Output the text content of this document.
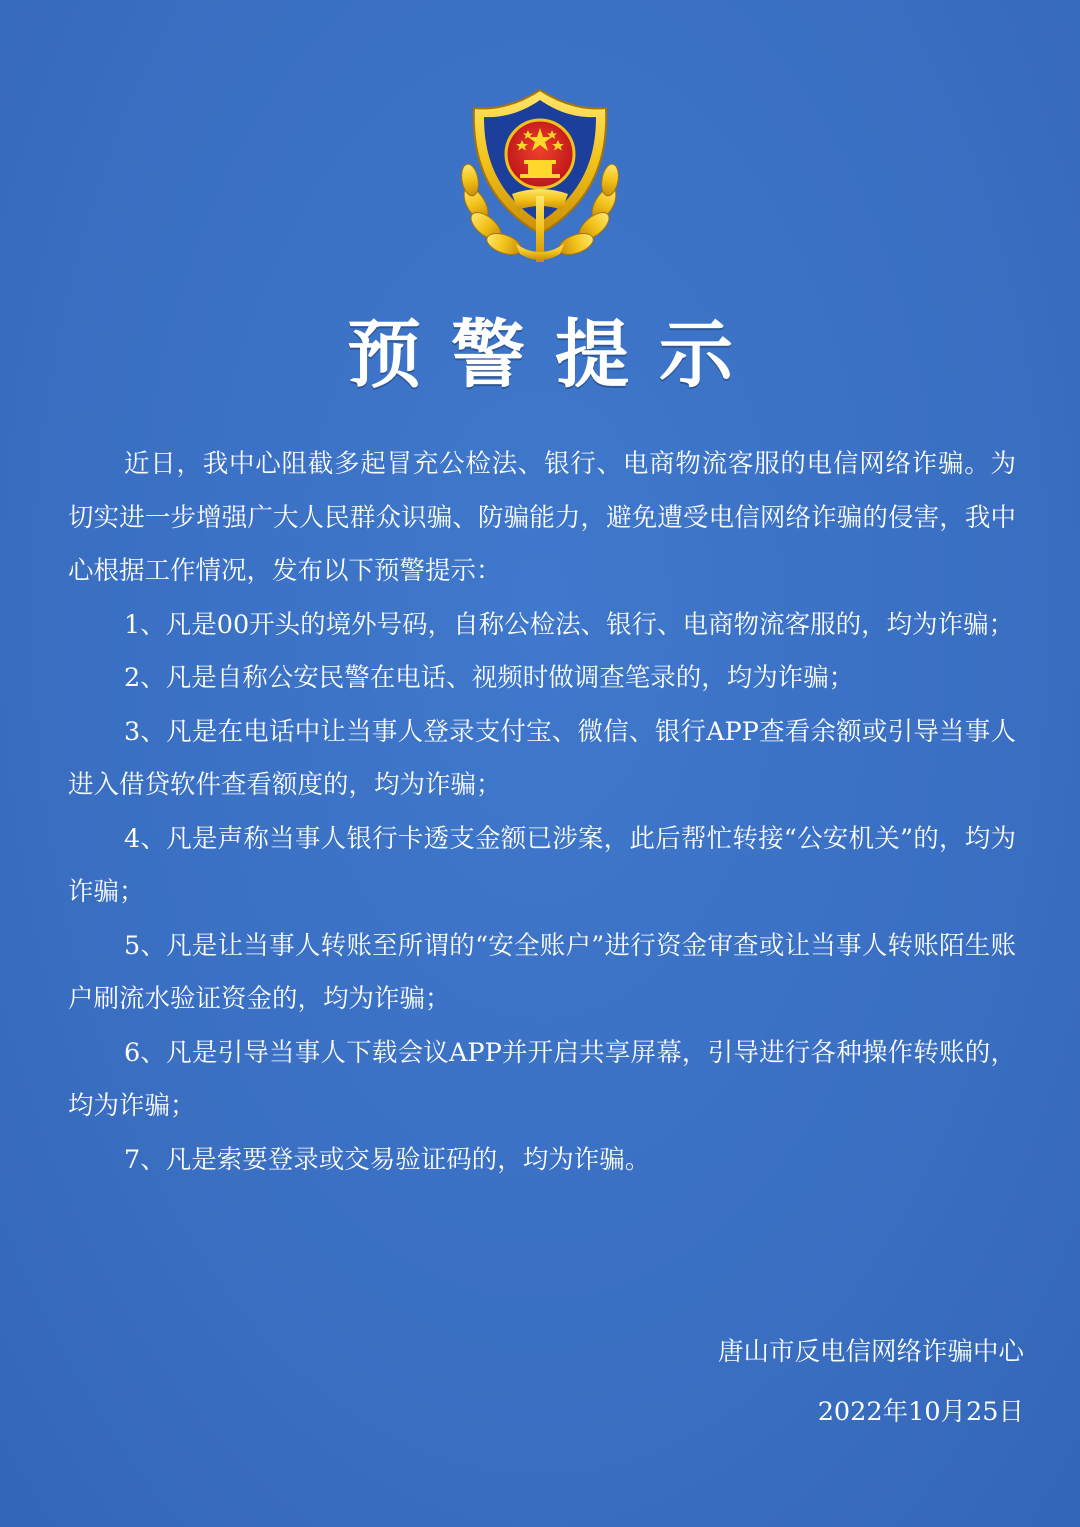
预警提示

近日，我中心阻截多起冒充公检法、银行、电商物流客服的电信网络诈骗。为切实进一步增强广大人民群众识骗、防骗能力，避免遭受电信网络诈骗的侵害，我中心根据工作情况，发布以下预警提示：

1、凡是00开头的境外号码，自称公检法、银行、电商物流客服的，均为诈骗；

2、凡是自称公安民警在电话、视频时做调查笔录的，均为诈骗；

3、凡是在电话中让当事人登录支付宝、微信、银行APP查看余额或引导当事人进入借贷软件查看额度的，均为诈骗；

4、凡是声称当事人银行卡透支金额已涉案，此后帮忙转接“公安机关”的，均为诈骗；

5、凡是让当事人转账至所谓的“安全账户”进行资金审查或让当事人转账陌生账户刷流水验证资金的，均为诈骗；

6、凡是引导当事人下载会议APP并开启共享屏幕，引导进行各种操作转账的，均为诈骗；

7、凡是索要登录或交易验证码的，均为诈骗。

唐山市反电信网络诈骗中心
2022年10月25日
